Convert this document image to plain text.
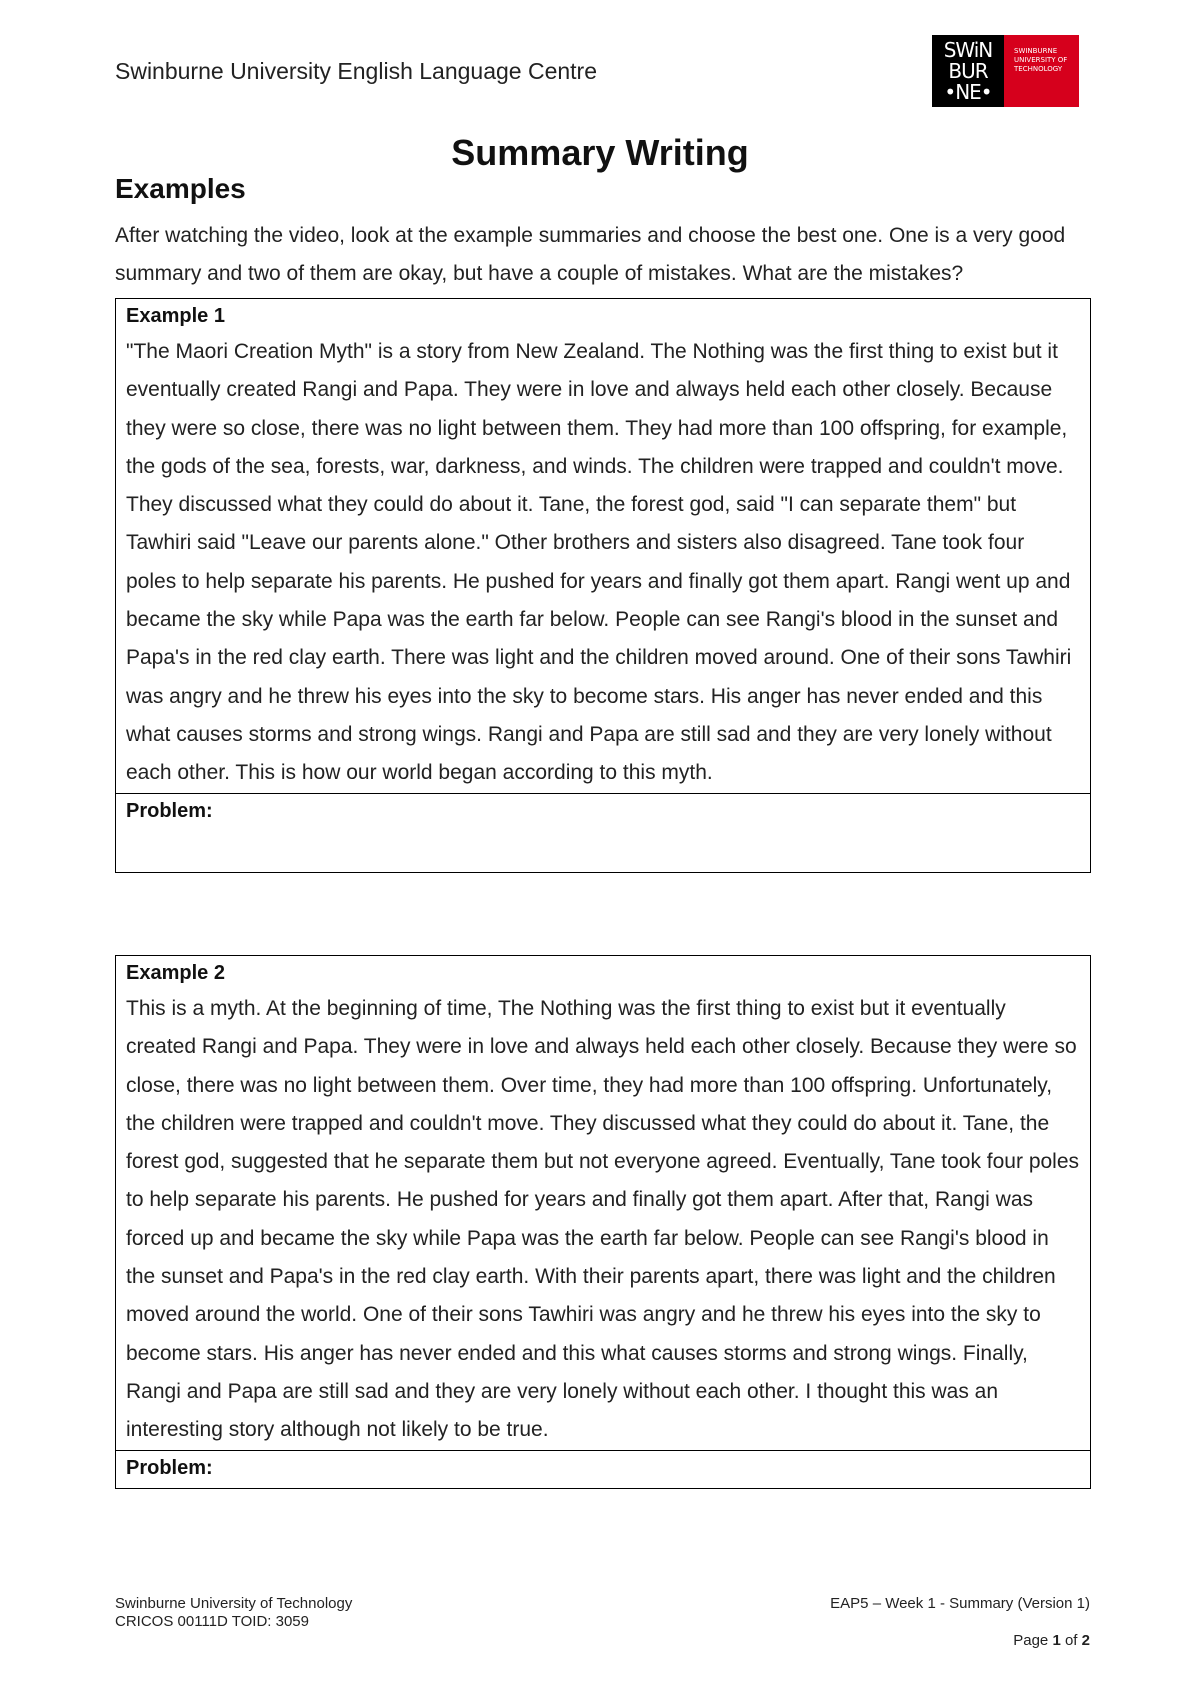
Swinburne University English Language Centre
SWiN
BUR
•NE•
SWINBURNE UNIVERSITY OF TECHNOLOGY
Summary Writing
Examples
After watching the video, look at the example summaries and choose the best one. One is a very good summary and two of them are okay, but have a couple of mistakes. What are the mistakes?
Example 1
"The Maori Creation Myth" is a story from New Zealand. The Nothing was the first thing to exist but it eventually created Rangi and Papa. They were in love and always held each other closely. Because they were so close, there was no light between them. They had more than 100 offspring, for example, the gods of the sea, forests, war, darkness, and winds. The children were trapped and couldn't move. They discussed what they could do about it. Tane, the forest god, said "I can separate them" but Tawhiri said "Leave our parents alone." Other brothers and sisters also disagreed. Tane took four poles to help separate his parents. He pushed for years and finally got them apart. Rangi went up and became the sky while Papa was the earth far below. People can see Rangi's blood in the sunset and Papa's in the red clay earth. There was light and the children moved around. One of their sons Tawhiri was angry and he threw his eyes into the sky to become stars. His anger has never ended and this what causes storms and strong wings. Rangi and Papa are still sad and they are very lonely without each other. This is how our world began according to this myth.
Problem:
Example 2
This is a myth. At the beginning of time, The Nothing was the first thing to exist but it eventually created Rangi and Papa. They were in love and always held each other closely. Because they were so close, there was no light between them. Over time, they had more than 100 offspring. Unfortunately, the children were trapped and couldn't move. They discussed what they could do about it. Tane, the forest god, suggested that he separate them but not everyone agreed. Eventually, Tane took four poles to help separate his parents. He pushed for years and finally got them apart. After that, Rangi was forced up and became the sky while Papa was the earth far below. People can see Rangi's blood in the sunset and Papa's in the red clay earth. With their parents apart, there was light and the children moved around the world. One of their sons Tawhiri was angry and he threw his eyes into the sky to become stars. His anger has never ended and this what causes storms and strong wings. Finally, Rangi and Papa are still sad and they are very lonely without each other. I thought this was an interesting story although not likely to be true.
Problem:
Swinburne University of Technology
CRICOS 00111D TOID: 3059
EAP5 – Week 1 - Summary (Version 1)
Page 1 of 2
